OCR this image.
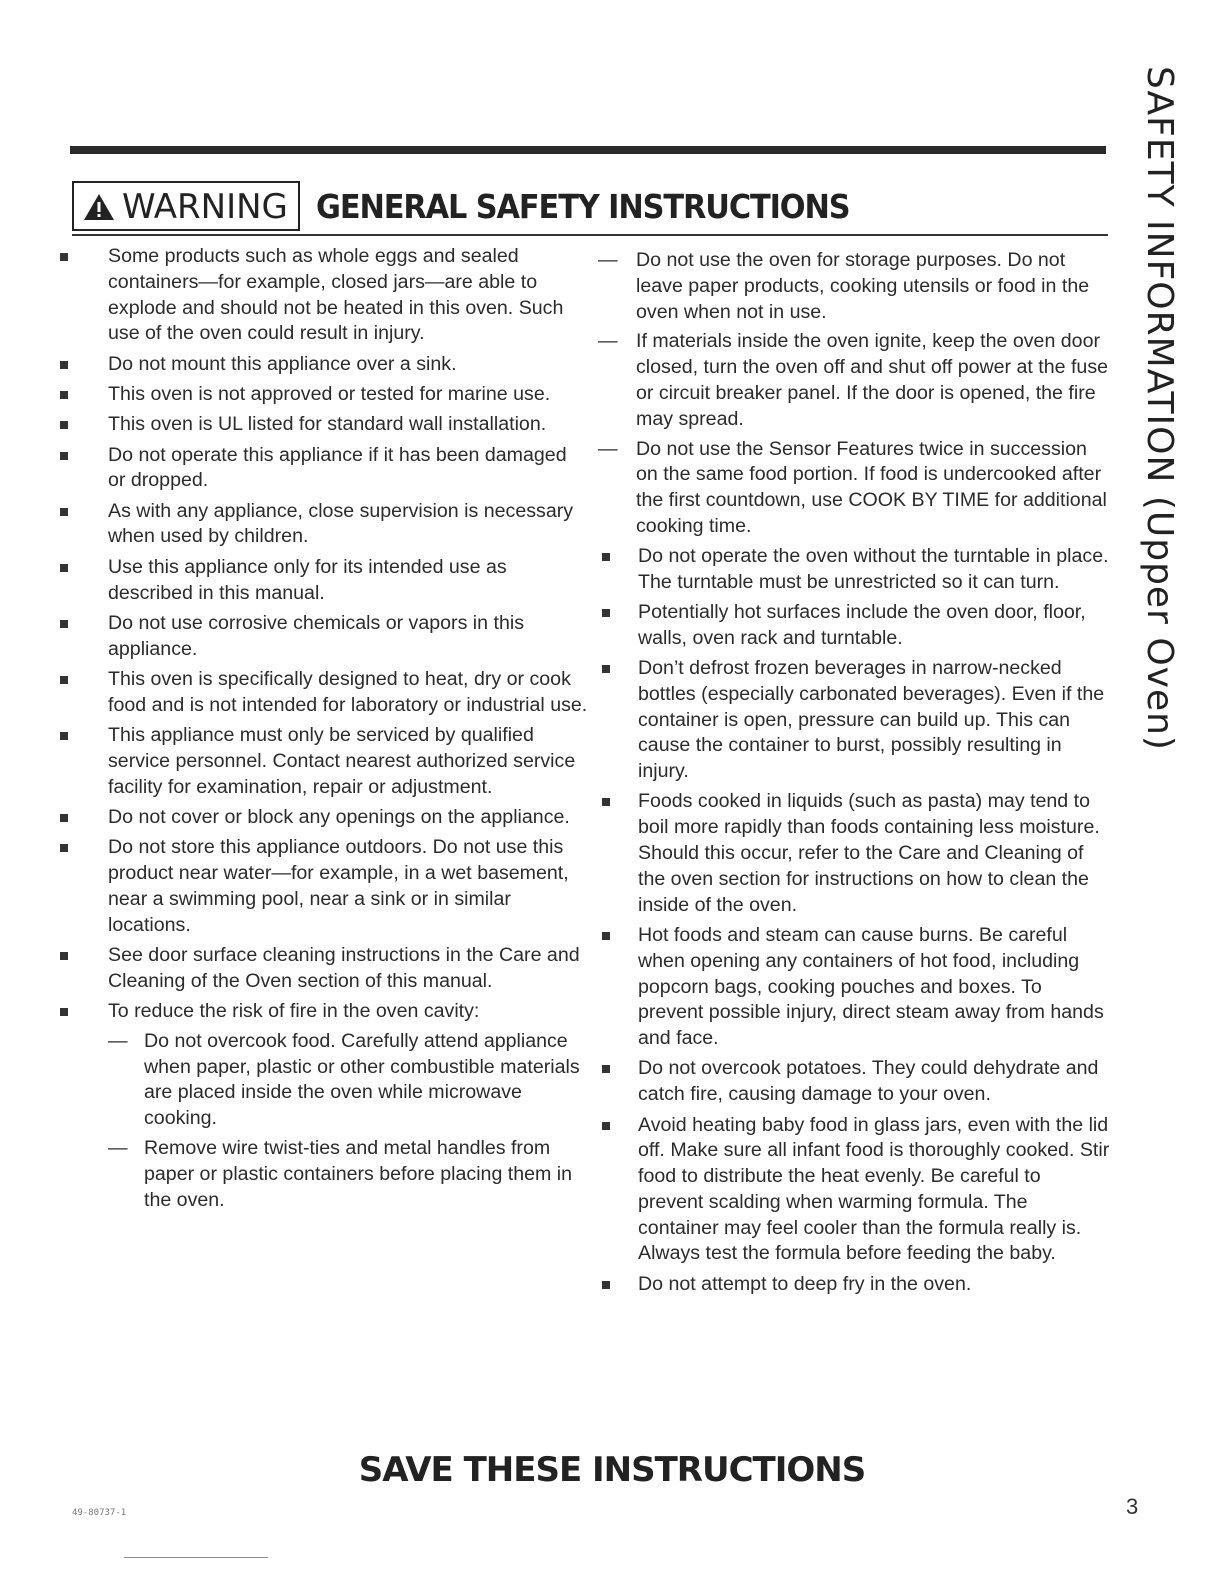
WARNING GENERAL SAFETY INSTRUCTIONS
Some products such as whole eggs and sealed containers—for example, closed jars—are able to explode and should not be heated in this oven. Such use of the oven could result in injury.
Do not mount this appliance over a sink.
This oven is not approved or tested for marine use.
This oven is UL listed for standard wall installation.
Do not operate this appliance if it has been damaged or dropped.
As with any appliance, close supervision is necessary when used by children.
Use this appliance only for its intended use as described in this manual.
Do not use corrosive chemicals or vapors in this appliance.
This oven is specifically designed to heat, dry or cook food and is not intended for laboratory or industrial use.
This appliance must only be serviced by qualified service personnel. Contact nearest authorized service facility for examination, repair or adjustment.
Do not cover or block any openings on the appliance.
Do not store this appliance outdoors. Do not use this product near water—for example, in a wet basement, near a swimming pool, near a sink or in similar locations.
See door surface cleaning instructions in the Care and Cleaning of the Oven section of this manual.
To reduce the risk of fire in the oven cavity:
— Do not overcook food. Carefully attend appliance when paper, plastic or other combustible materials are placed inside the oven while microwave cooking.
— Remove wire twist-ties and metal handles from paper or plastic containers before placing them in the oven.
— Do not use the oven for storage purposes. Do not leave paper products, cooking utensils or food in the oven when not in use.
— If materials inside the oven ignite, keep the oven door closed, turn the oven off and shut off power at the fuse or circuit breaker panel. If the door is opened, the fire may spread.
— Do not use the Sensor Features twice in succession on the same food portion. If food is undercooked after the first countdown, use COOK BY TIME for additional cooking time.
Do not operate the oven without the turntable in place. The turntable must be unrestricted so it can turn.
Potentially hot surfaces include the oven door, floor, walls, oven rack and turntable.
Don’t defrost frozen beverages in narrow-necked bottles (especially carbonated beverages). Even if the container is open, pressure can build up. This can cause the container to burst, possibly resulting in injury.
Foods cooked in liquids (such as pasta) may tend to boil more rapidly than foods containing less moisture. Should this occur, refer to the Care and Cleaning of the oven section for instructions on how to clean the inside of the oven.
Hot foods and steam can cause burns. Be careful when opening any containers of hot food, including popcorn bags, cooking pouches and boxes. To prevent possible injury, direct steam away from hands and face.
Do not overcook potatoes. They could dehydrate and catch fire, causing damage to your oven.
Avoid heating baby food in glass jars, even with the lid off. Make sure all infant food is thoroughly cooked. Stir food to distribute the heat evenly. Be careful to prevent scalding when warming formula. The container may feel cooler than the formula really is. Always test the formula before feeding the baby.
Do not attempt to deep fry in the oven.
SAFETY INFORMATION (Upper Oven)
SAVE THESE INSTRUCTIONS
49-80737-1	3
